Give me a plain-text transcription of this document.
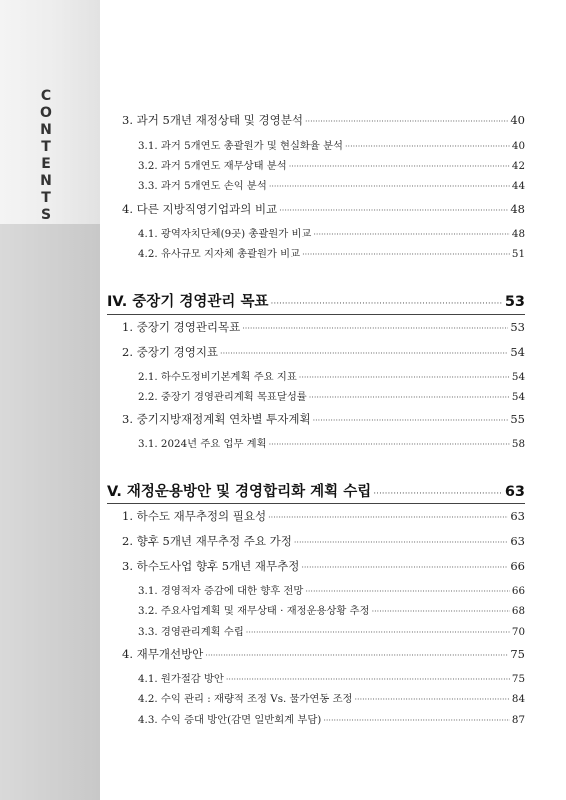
CONTENTS	3. 과거 5개년 재정상태 및 경영분석 ·····	40
3.1. 과거 5개연도 총괄원가 및 현실화율 분석 ·····	40
3.2. 과거 5개연도 재무상태 분석 ·····	42
3.3. 과거 5개연도 손익 분석 ·····	44
4. 다른 지방직영기업과의 비교 ·····	48
4.1. 광역자치단체(9곳) 총괄원가 비교 ·····	48
4.2. 유사규모 지자체 총괄원가 비교 ·····	51
IV. 중장기 경영관리 목표 ·····	53
1. 중장기 경영관리목표 ·····	53
2. 중장기 경영지표 ·····	54
2.1. 하수도정비기본계획 주요 지표 ·····	54
2.2. 중장기 경영관리계획 목표달성률 ·····	54
3. 중기지방재정계획 연차별 투자계획 ·····	55
3.1. 2024년 주요 업무 계획 ·····	58
V. 재정운용방안 및 경영합리화 계획 수립 ·····	63
1. 하수도 재무추정의 필요성 ·····	63
2. 향후 5개년 재무추정 주요 가정 ·····	63
3. 하수도사업 향후 5개년 재무추정 ·····	66
3.1. 경영적자 증감에 대한 향후 전망 ·····	66
3.2. 주요사업계획 및 재무상태 · 재정운용상황 추정 ·····	68
3.3. 경영관리계획 수립 ·····	70
4. 재무개선방안 ·····	75
4.1. 원가절감 방안 ·····	75
4.2. 수익 관리 : 재량적 조정 Vs. 물가연동 조정 ·····	84
4.3. 수익 증대 방안(감면 일반회계 부담) ·····	87
